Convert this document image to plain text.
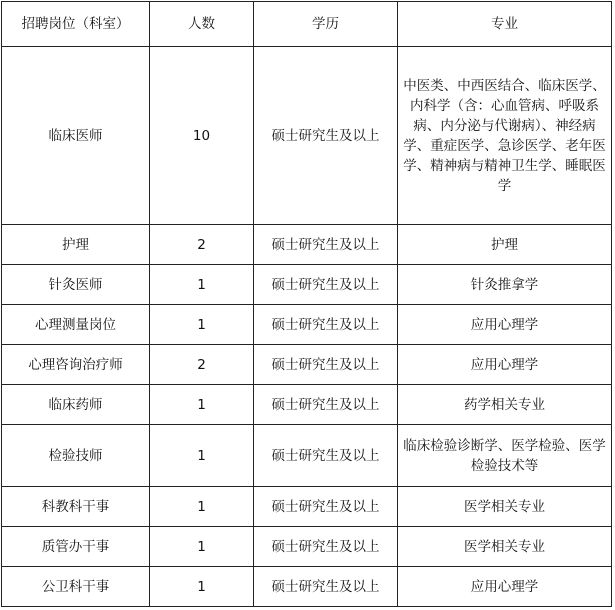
招聘岗位（科室）	人数	学历	专业
临床医师	10	硕士研究生及以上	中医类、中西医结合、临床医学、内科学（含：心血管病、呼吸系病、内分泌与代谢病）、神经病学、重症医学、急诊医学、老年医学、精神病与精神卫生学、睡眠医学
护理	2	硕士研究生及以上	护理
针灸医师	1	硕士研究生及以上	针灸推拿学
心理测量岗位	1	硕士研究生及以上	应用心理学
心理咨询治疗师	2	硕士研究生及以上	应用心理学
临床药师	1	硕士研究生及以上	药学相关专业
检验技师	1	硕士研究生及以上	临床检验诊断学、医学检验、医学检验技术等
科教科干事	1	硕士研究生及以上	医学相关专业
质管办干事	1	硕士研究生及以上	医学相关专业
公卫科干事	1	硕士研究生及以上	应用心理学
